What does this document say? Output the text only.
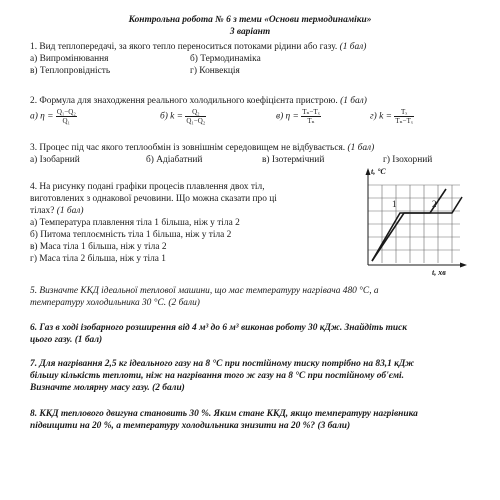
Контрольна робота № 6 з теми «Основи термодинаміки»
3 варіант
1. Вид теплопередачі, за якого тепло переноситься потоками рідини або газу. (1 бал)
а) Випромінювання	б) Термодинаміка
в) Теплопровідність	г) Конвекція
2. Формула для знаходження реального холодильного коефіцієнта пристрою. (1 бал)
а) $\eta = \frac{\text{Q₁−Q₂}}{\text{Q₁}}$	б) $k = \frac{\text{Q₂}}{\text{Q₁−Q₂}}$	в) $\eta = \frac{\text{Tₙ−Tₓ}}{\text{Tₙ}}$	г) $k = \frac{\text{Tₓ}}{\text{Tₙ−Tₓ}}$
3. Процес під час якого теплообмін із зовнішнім середовищем не відбувається. (1 бал)
а) Ізобарний	б) Адіабатний	в) Ізотермічний	г) Ізохорний
4. На рисунку подані графіки процесів плавлення двох тіл,
виготовлених з однакової речовини. Що можна сказати про ці
тілах? (1 бал)
а) Температура плавлення тіла 1 більша, ніж у тіла 2
б) Питома теплоємність тіла 1 більша, ніж у тіла 2
в) Маса тіла 1 більша, ніж у тіла 2
г) Маса тіла 2 більша, ніж у тіла 1
1	2
t, °C
t, хв
5. Визначте ККД ідеальної теплової машини, що має температуру нагрівача 480 °С, а
температуру холодильника 30 °С. (2 бали)
6. Газ в ході ізобарного розширення від 4 м³ до 6 м³ виконав роботу 30 кДж. Знайдіть тиск
цього газу. (1 бал)
7. Для нагрівання 2,5 кг ідеального газу на 8 °С при постійному тиску потрібно на 83,1 кДж
більшу кількість теплоти, ніж на нагрівання того ж газу на 8 °С при постійному об'ємі.
Визначте молярну масу газу. (2 бали)
8. ККД теплового двигуна становить 30 %. Яким стане ККД, якщо температуру нагрівника
підвищити на 20 %, а температуру холодильника знизити на 20 %? (3 бали)
